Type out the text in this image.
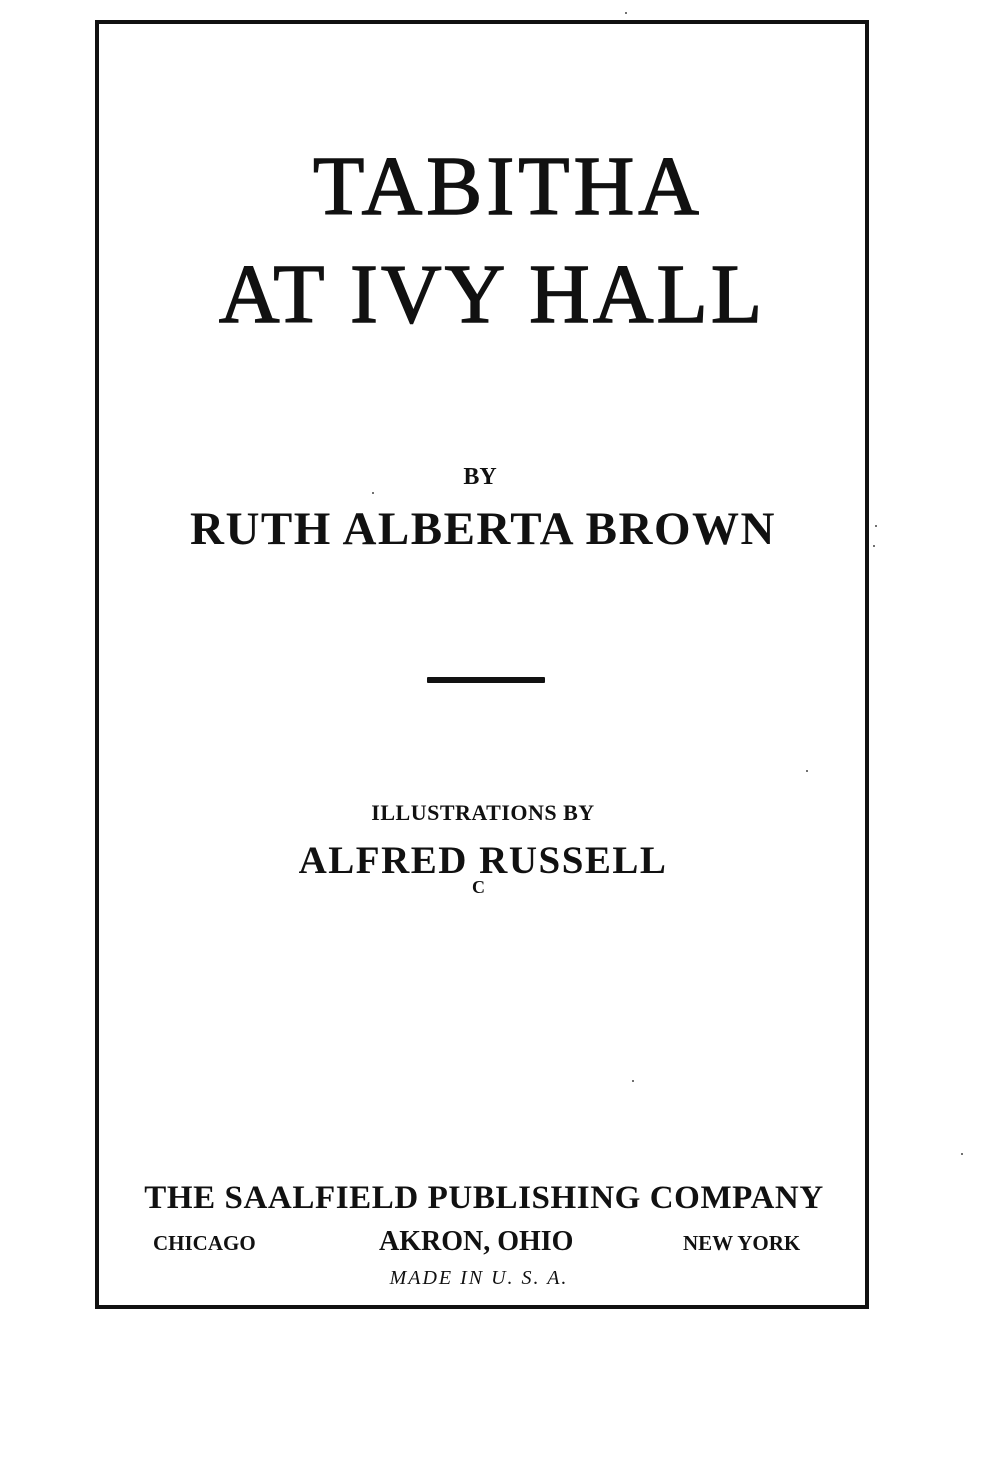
TABITHA
AT IVY HALL
BY
RUTH ALBERTA BROWN
ILLUSTRATIONS BY
ALFRED RUSSELL
C
THE SAALFIELD PUBLISHING COMPANY
CHICAGO	AKRON, OHIO	NEW YORK
MADE IN U. S. A.
